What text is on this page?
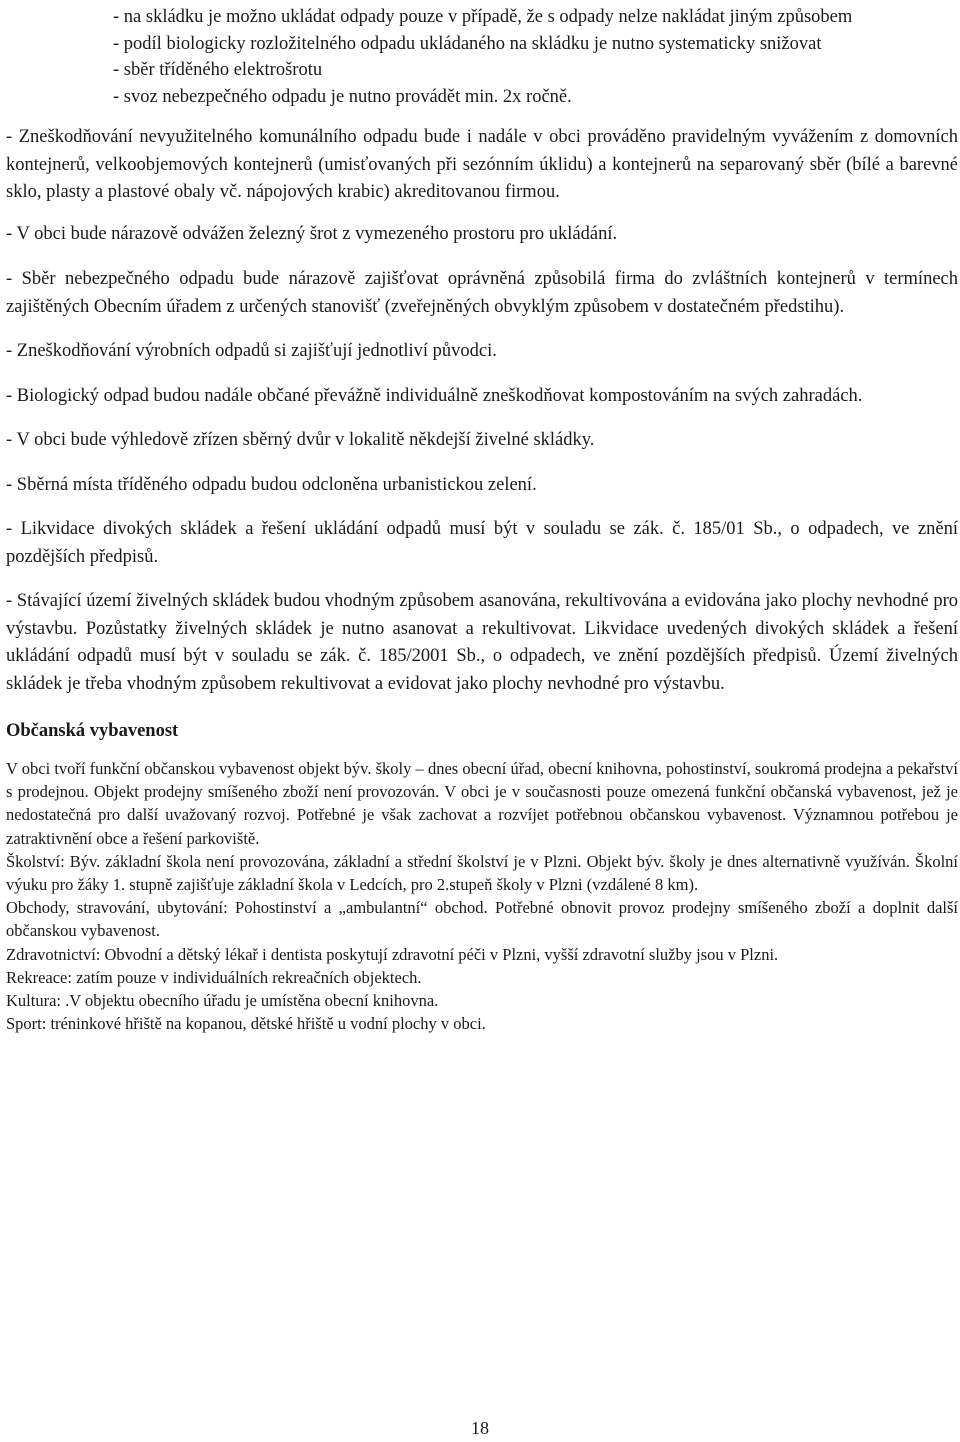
- na skládku je možno ukládat odpady pouze v případě, že s odpady nelze nakládat jiným způsobem
- podíl biologicky rozložitelného odpadu ukládaného na skládku je nutno systematicky snižovat
- sběr tříděného elektrošrotu
- svoz nebezpečného odpadu je nutno provádět min. 2x ročně.

- Zneškodňování nevyužitelného komunálního odpadu bude i nadále v obci prováděno pravidelným vyvážením z domovních kontejnerů, velkoobjemových kontejnerů (umisťovaných při sezónním úklidu) a kontejnerů na separovaný sběr (bílé a barevné sklo, plasty a plastové obaly vč. nápojových krabic) akreditovanou firmou.

- V obci bude nárazově odvážen železný šrot z vymezeného prostoru pro ukládání.

- Sběr nebezpečného odpadu bude nárazově zajišťovat oprávněná způsobilá firma do zvláštních kontejnerů v termínech zajištěných Obecním úřadem z určených stanovišť (zveřejněných obvyklým způsobem v dostatečném předstihu).

- Zneškodňování výrobních odpadů si zajišťují jednotliví původci.

- Biologický odpad budou nadále občané převážně individuálně zneškodňovat kompostováním na svých zahradách.

- V obci bude výhledově zřízen sběrný dvůr v lokalitě někdejší živelné skládky.

- Sběrná místa tříděného odpadu budou odcloněna urbanistickou zelení.

- Likvidace divokých skládek a řešení ukládání odpadů musí být v souladu se zák. č. 185/01 Sb., o odpadech, ve znění pozdějších předpisů.

- Stávající území živelných skládek budou vhodným způsobem asanována, rekultivována a evidována jako plochy nevhodné pro výstavbu. Pozůstatky živelných skládek je nutno asanovat a rekultivovat. Likvidace uvedených divokých skládek a řešení ukládání odpadů musí být v souladu se zák. č. 185/2001 Sb., o odpadech, ve znění pozdějších předpisů. Území živelných skládek je třeba vhodným způsobem rekultivovat a evidovat jako plochy nevhodné pro výstavbu.

Občanská vybavenost

V obci tvoří funkční občanskou vybavenost objekt býv. školy – dnes obecní úřad, obecní knihovna, pohostinství, soukromá prodejna a pekařství s prodejnou. Objekt prodejny smíšeného zboží není provozován. V obci je v současnosti pouze omezená funkční občanská vybavenost, jež je nedostatečná pro další uvažovaný rozvoj. Potřebné je však zachovat a rozvíjet potřebnou občanskou vybavenost. Významnou potřebou je zatraktivnění obce a řešení parkoviště.

Školství: Býv. základní škola není provozována, základní a střední školství je v Plzni. Objekt býv. školy je dnes alternativně využíván. Školní výuku pro žáky 1. stupně zajišťuje základní škola v Ledcích, pro 2.stupeň školy v Plzni (vzdálené 8 km).

Obchody, stravování, ubytování: Pohostinství a „ambulantní“ obchod. Potřebné obnovit provoz prodejny smíšeného zboží a doplnit další občanskou vybavenost.

Zdravotnictví: Obvodní a dětský lékař i dentista poskytují zdravotní péči v Plzni, vyšší zdravotní služby jsou v Plzni.

Rekreace: zatím pouze v individuálních rekreačních objektech.

Kultura: .V objektu obecního úřadu je umístěna obecní knihovna.

Sport: tréninkové hřiště na kopanou, dětské hřiště u vodní plochy v obci.

18
